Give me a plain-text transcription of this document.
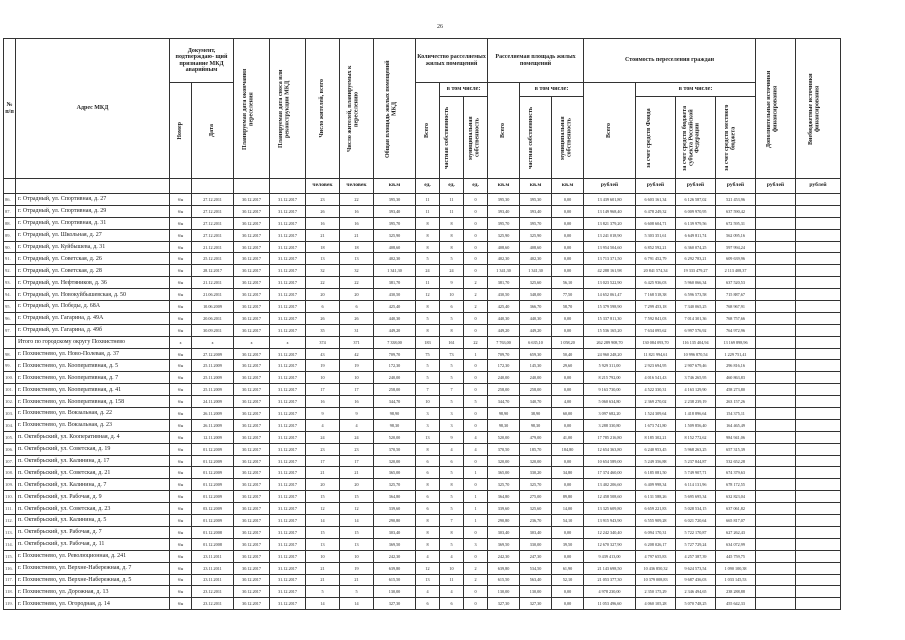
26
№ п/п	Адрес МКД	Документ, подтверждаю- щий признание МКД аварийным		Планируемая дата окончания переселения	Планируемая дата сноса или реконструкции МКД	Число жителей, всего	Число жителей, планируемых к переселению	Общая площадь жилых помещений МКД	Количество расселяемых жилых помещений			Расселяемая площадь жилых помещений			Стоимость переселения граждан				Дополнительные источники финансирования	Внебюджетные источники финансирования

		Номер	Дата						Всего	в том числе:		Всего	в том числе:		Всего	в том числе:				

										частная собственность	муниципальная собственность		частная собственность	муниципальная собственность		за счет средств Фонда	за счет средств бюджета субъекта Российской Федерации	за счет средств местного бюджета		

						человек	человек	кв.м	ед.	ед.	ед.	кв.м	кв.м	кв.м	рублей	рублей	рублей	рублей	рублей	рублей
86.	г. Отрадный, ул. Спортивная, д. 27	б/н	27.12.2011	30.12.2017	31.12.2017	23	22	395,30	11	11	0	395,30	395,30	0,00	13 439 601,80	6 603 161,34	6 126 587,02	521 453,96		
87.	г. Отрадный, ул. Спортивная, д. 29	б/н	27.12.2011	30.12.2017	31.12.2017	26	16	393,40	11	11	0	393,40	393,40	0,00	13 149 968,40	6 478 249,32	6 009 970,95	637 590,42		
88.	г. Отрадный, ул. Спортивная, д. 31	б/н	27.12.2011	30.12.2017	31.12.2017	16	16	395,70	8	8	0	395,70	395,70	0,00	13 821 379,20	6 608 604,71	6 139 979,56	672 595,31		
89.	г. Отрадный, ул. Школьная, д. 27	б/н	27.12.2011	30.12.2017	31.12.2017	21	21	325,90	8	8	0	325,90	325,90	0,00	13 241 018,90	5 303 351,61	6 649 811,74	562 095,16		
90.	г. Отрадный, ул. Куйбышева, д. 31	б/н	21.12.2011	30.12.2017	31.12.2017	18	18	408,60	8	8	0	408,60	408,60	0,00	13 954 504,60	6 852 592,21	6 360 074,25	597 994,24		
91.	г. Отрадный, ул. Советская, д. 26	б/н	25.12.2011	30.12.2017	31.12.2017	13	13	402,30	5	5	0	402,30	402,30	0,00	13 713 371,50	6 791 452,79	6 292 783,21	609 639,96		
92.	г. Отрадный, ул. Советская, д. 28	б/н	28.12.2017	30.12.2017	31.12.2017	32	32	1 341,30	24	24	0	1 341,30	1 341,30	0,00	42 288 161,98	20 841 574,34	19 333 479,27	2 113 408,37		
93.	г. Отрадный, ул. Нефтяников, д. 36	б/н	21.12.2011	30.12.2017	31.12.2017	22	22	381,70	11	9	2	381,70	325,60	56,10	13 023 522,90	6 425 936,03	5 960 066,34	637 520,53		
94.	г. Отрадный, ул. Новокуйбышевская, д. 50	б/н	21.06.2011	30.12.2017	31.12.2017	20	20	430,50	12	10	2	430,50	348,00	77,50	14 652 061,47	7 168 518,38	6 596 573,58	715 887,67		
95.	г. Отрадный, ул. Победы, д. 68А	б/н	10.06.2009	30.12.2017	31.12.2017	6	6	425,40	8	6	2	425,40	366,70	58,70	15 379 598,90	7 299 453,18	7 340 065,25	768 967,91		
96.	г. Отрадный, ул. Гагарина, д. 49А	б/н	20.06.2011	30.12.2017	31.12.2017	26	26	440,30	5	5	0	440,30	440,30	0,00	15 337 811,30	7 592 841,03	7 014 301,36	768 757,66		
97.	г. Отрадный, ул. Гагарина, д. 49б	б/н	30.09.2011	30.12.2017	31.12.2017	35	31	449,20	8	8	0	449,20	449,20	0,00	15 536 165,20	7 634 095,62	6 997 576,92	764 972,96		
	Итого по городскому округу Похвистнево	x	x	x	x	374	371	7 338,00	183	161	22	7 763,00	6 635,10	1 058,20	262 289 908,70	130 084 093,70	116 135 404,94	13 169 898,96		
98.	г. Похвистнево, ул. Ново-Полевая, д. 37	б/н	27.12.2009	30.12.2017	31.12.2017	43	42	709,70	75	73	1	709,70	659,30	50,40	24 960 248,20	11 821 994,61	10 996 870,54	1 229 751,41		
99.	г. Похвистнево, ул. Кооперативная, д. 5	б/н	25.11.2009	30.12.2017	31.12.2017	19	19	172,30	5	5	0	172,30	145,30	29,60	5 929 311,00	2 923 694,95	2 907 679,46	296 816,16		
100.	г. Похвистнево, ул. Кооперативная, д. 7	б/н	25.11.2009	30.12.2017	31.12.2017	10	10	240,00	5	5	0	240,00	240,00	0,00	8 215 792,00	4 016 541,43	3 746 265,95	460 863,83		
101.	г. Похвистнево, ул. Кооперативная, д. 41	б/н	25.11.2009	30.12.2017	31.12.2017	17	17	258,00	7	7	0	258,00	258,00	0,00	9 163 730,00	4 522 330,31	4 163 129,90	458 273,80		
102.	г. Похвистнево, ул. Кооперативная, д. 158	б/н	24.11.2009	30.12.2017	31.12.2017	16	16	344,70	10	5	5	344,70	340,70	4,00	5 060 634,80	2 369 270,02	2 238 239,19	263 157,26		
103.	г. Похвистнево, ул. Вокзальная, д. 22	б/н	26.11.2009	30.12.2017	31.12.2017	9	9	98,90	3	3	0	98,90	38,90	60,00	3 097 682,20	1 524 309,64	1 418 896,64	154 375,11		
104.	г. Похвистнево, ул. Вокзальная, д. 23	б/н	26.11.2009	30.12.2017	31.12.2017	4	4	98,30	3	3	0	98,30	98,30	0,00	3 288 330,80	1 673 741,80	1 509 856,40	164 465,49		
105.	п. Октябрьский, ул. Кооперативная, д. 4	б/н	12.11.2009	30.12.2017	31.12.2017	24	24	520,00	13	9	4	520,00	479,00	41,00	17 785 216,80	8 185 302,21	8 152 772,62	984 941,06		
106.	п. Октябрьский, ул. Советская, д. 19	б/н	01.12.2009	30.12.2017	31.12.2017	23	23	370,50	8	4	4	370,50	185,70	184,80	12 654 363,80	6 240 953,45	5 968 263,25	657 315,39		
107.	п. Октябрьский, ул. Калинина, д. 17	б/н	01.12.2009	30.12.2017	31.12.2017	17	17	320,00	6	6	0	320,00	320,00	0,00	10 654 589,00	5 249 356,88	5 237 844,87	532 652,28		
108.	п. Октябрьский, ул. Советская, д. 21	б/н	01.12.2009	30.12.2017	31.12.2017	21	21	365,00	6	5	1	365,00	330,20	34,80	17 374 460,00	6 185 081,50	5 749 907,71	674 379,63		
109.	п. Октябрьский, ул. Калинина, д. 7	б/н	01.12.2009	30.12.2017	31.12.2017	20	20	325,70	8	8	0	325,70	325,70	0,00	13 402 206,60	6 409 998,34	6 114 131,96	678 172,55		
110.	п. Октябрьский, ул. Рабочая, д. 9	б/н	01.12.2009	30.12.2017	31.12.2017	15	15	364,80	6	5	1	364,80	275,00	89,80	12 458 508,60	6 131 588,26	5 695 695,34	632 823,04		
111.	п. Октябрьский, ул. Советская, д. 23	б/н	03.12.2009	30.12.2017	31.12.2017	12	12	339,60	6	5	1	339,60	325,60	14,00	13 325 609,80	6 659 221,83	5 028 534,15	637 061,82		
112.	п. Октябрьский, ул. Калинина, д. 5	б/н	01.12.2009	30.12.2017	31.12.2017	14	14	290,80	8	7	1	290,80	236,70	54,10	13 915 943,90	6 555 909,28	6 021 720,64	665 817,07		
113.	п. Октябрьский, ул. Рабочая, д. 7	б/н	01.12.2008	30.12.2017	31.12.2017	15	15	303,40	8	8	0	303,40	303,40	0,00	12 242 340,40	6 094 170,31	5 722 170,87	627 262,43		
114.	п. Октябрьский, ул. Рабочая, д. 11	б/н	01.12.2008	30.12.2017	31.12.2017	13	13	369,50	8	5	3	369,50	330,00	39,50	12 670 327,90	6 208 026,17	5 727 729,24	634 072,99		
115.	г. Похвистнево, ул. Революционная, д. 241	б/н	23.11.2011	30.12.2017	31.12.2017	10	10	242,30	4	4	0	242,30	247,30	0,00	9 439 413,00	4 797 655,83	4 257 387,39	445 759,75		
116.	г. Похвистнево, ул. Верхне-Набережная, д. 7	б/н	23.11.2011	30.12.2017	31.12.2017	21	19	639,80	12	10	2	639,80	534,50	61,90	21 143 698,50	10 436 850,32	9 624 573,54	1 090 100,38		
117.	г. Похвистнево, ул. Верхне-Набережная, д. 5	б/н	23.11.2011	30.12.2017	31.12.2017	21	21	615,50	13	11	2	615,50	563,40	52,10	21 053 377,30	10 379 008,83	9 687 436,03	1 033 145,53		
118.	г. Похвистнево, ул. Дорожная, д. 13	б/н	23.12.2011	30.12.2017	31.12.2017	5	5	130,00	4	4	0	130,00	130,00	0,00	4 978 230,00	2 350 175,29	2 346 494,65	238 288,88		
119.	г. Похвистнево, ул. Огородная, д. 14	б/н	23.12.2011	30.12.2017	31.12.2017	14	14	327,30	6	6	0	327,30	327,30	0,00	11 053 496,60	4 060 105,28	5 070 748,25	455 642,33		
